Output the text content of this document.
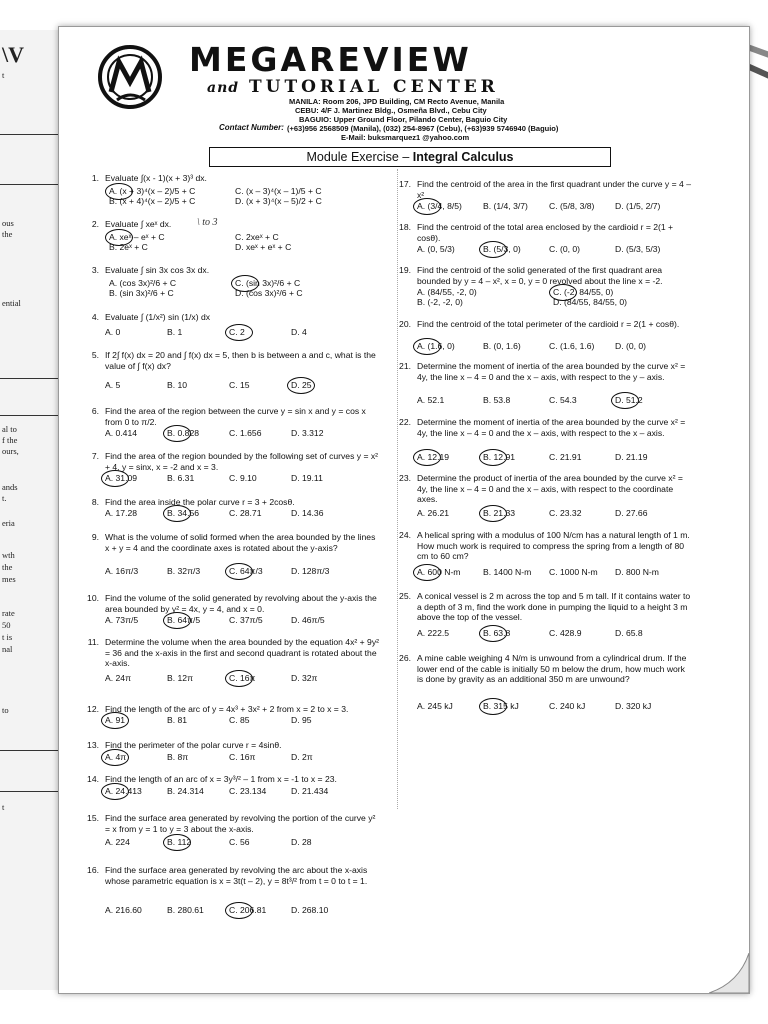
\V
t
ous
the
ential
al to
f the
ours,
ands
t.
eria
wth
the
mes
rate
50
t is
nal
to
t
MEGAREVIEW
and TUTORIAL CENTER
MANILA: Room 206, JPD Building, CM Recto Avenue, Manila
CEBU: 4/F J. Martinez Bldg., Osmeña Blvd., Cebu City
BAGUIO: Upper Ground Floor, Pilando Center, Baguio City
Contact Number: (+63)956 2568509 (Manila), (032) 254-8967 (Cebu), (+63)939 5746940 (Baguio)
E-Mail: buksmarquez1 @yahoo.com
Module Exercise – Integral Calculus
1. Evaluate ∫(x - 1)(x + 3)³ dx.
A. (x + 3)⁴(x – 2)/5 + C	C. (x – 3)⁴(x – 1)/5 + C
B. (x + 4)⁴(x – 2)/5 + C	D. (x + 3)⁴(x – 5)/2 + C
2. Evaluate ∫ xeˣ dx.
A. xeˣ – eˣ + C	C. 2xeˣ + C
B. 2eˣ + C	D. xeˣ + eˣ + C
\ to 3
3. Evaluate ∫ sin 3x cos 3x dx.
A. (cos 3x)²/6 + C	C. (sin 3x)²/6 + C
B. (sin 3x)²/6 + C	D. (cos 3x)²/6 + C
4. Evaluate ∫ (1/x²) sin (1/x) dx
A. 0	B. 1	C. 2	D. 4
5. If 2∫ f(x) dx = 20 and ∫ f(x) dx = 5, then b is between a and c, what is the value of ∫ f(x) dx?
A. 5	B. 10	C. 15	D. 25
6. Find the area of the region between the curve y = sin x and y = cos x from 0 to π/2.
A. 0.414	B. 0.828	C. 1.656	D. 3.312
7. Find the area of the region bounded by the following set of curves y = x² + 4, y = sinx, x = -2 and x = 3.
A. 31.09	B. 6.31	C. 9.10	D. 19.11
8. Find the area inside the polar curve r = 3 + 2cosθ.
A. 17.28	B. 34.56	C. 28.71	D. 14.36
9. What is the volume of solid formed when the area bounded by the lines x + y = 4 and the coordinate axes is rotated about the y-axis?
A. 16π/3	B. 32π/3	C. 64π/3	D. 128π/3
10. Find the volume of the solid generated by revolving about the y-axis the area bounded by y² = 4x, y = 4, and x = 0.
A. 73π/5	B. 64π/5	C. 37π/5	D. 46π/5
11. Determine the volume when the area bounded by the equation 4x² + 9y² = 36 and the x-axis in the first and second quadrant is rotated about the x-axis.
A. 24π	B. 12π	C. 16π	D. 32π
12. Find the length of the arc of y = 4x³ + 3x² + 2 from x = 2 to x = 3.
A. 91	B. 81	C. 85	D. 95
13. Find the perimeter of the polar curve r = 4sinθ.
A. 4π	B. 8π	C. 16π	D. 2π
14. Find the length of an arc of x = 3y³/² – 1 from x = -1 to x = 23.
A. 24.413	B. 24.314	C. 23.134	D. 21.434
15. Find the surface area generated by revolving the portion of the curve y² = x from y = 1 to y = 3 about the x-axis.
A. 224	B. 112	C. 56	D. 28
16. Find the surface area generated by revolving the arc about the x-axis whose parametric equation is x = 3t(t – 2), y = 8t³/² from t = 0 to t = 1.
A. 216.60	B. 280.61	C. 206.81	D. 268.10
17. Find the centroid of the area in the first quadrant under the curve y = 4 – x²
A. (3/4, 8/5) B. (1/4, 3/7) C. (5/8, 3/8) D. (1/5, 2/7)
18. Find the centroid of the total area enclosed by the cardioid r = 2(1 + cosθ).
A. (0, 5/3)	B. (5/3, 0)	C. (0, 0)	D. (5/3, 5/3)
19. Find the centroid of the solid generated of the first quadrant area bounded by y = 4 – x², x = 0, y = 0 revolved about the line x = -2.
A. (84/55, -2, 0)	C. (-2, 84/55, 0)
B. (-2, -2, 0)	D. (84/55, 84/55, 0)
20. Find the centroid of the total perimeter of the cardioid r = 2(1 + cosθ).
A. (1.6, 0)	B. (0, 1.6)	C. (1.6, 1.6) D. (0, 0)
21. Determine the moment of inertia of the area bounded by the curve x² = 4y, the line x – 4 = 0 and the x – axis, with respect to the y – axis.
A. 52.1	B. 53.8	C. 54.3	D. 51.2
22. Determine the moment of inertia of the area bounded by the curve x² = 4y, the line x – 4 = 0 and the x – axis, with respect to the x – axis.
A. 12.19	B. 12.91	C. 21.91	D. 21.19
23. Determine the product of inertia of the area bounded by the curve x² = 4y, the line x – 4 = 0 and the x – axis, with respect to the coordinate axes.
A. 26.21	B. 21.33	C. 23.32	D. 27.66
24. A helical spring with a modulus of 100 N/cm has a natural length of 1 m. How much work is required to compress the spring from a length of 80 cm to 60 cm?
A. 600 N-m	B. 1400 N-m C. 1000 N-m D. 800 N-m
25. A conical vessel is 2 m across the top and 5 m tall. If it contains water to a depth of 3 m, find the work done in pumping the liquid to a height 3 m above the top of the vessel.
A. 222.5	B. 63.8	C. 428.9	D. 65.8
26. A mine cable weighing 4 N/m is unwound from a cylindrical drum. If the lower end of the cable is initially 50 m below the drum, how much work is done by gravity as an additional 350 m are unwound?
A. 245 kJ	B. 315 kJ	C. 240 kJ	D. 320 kJ
